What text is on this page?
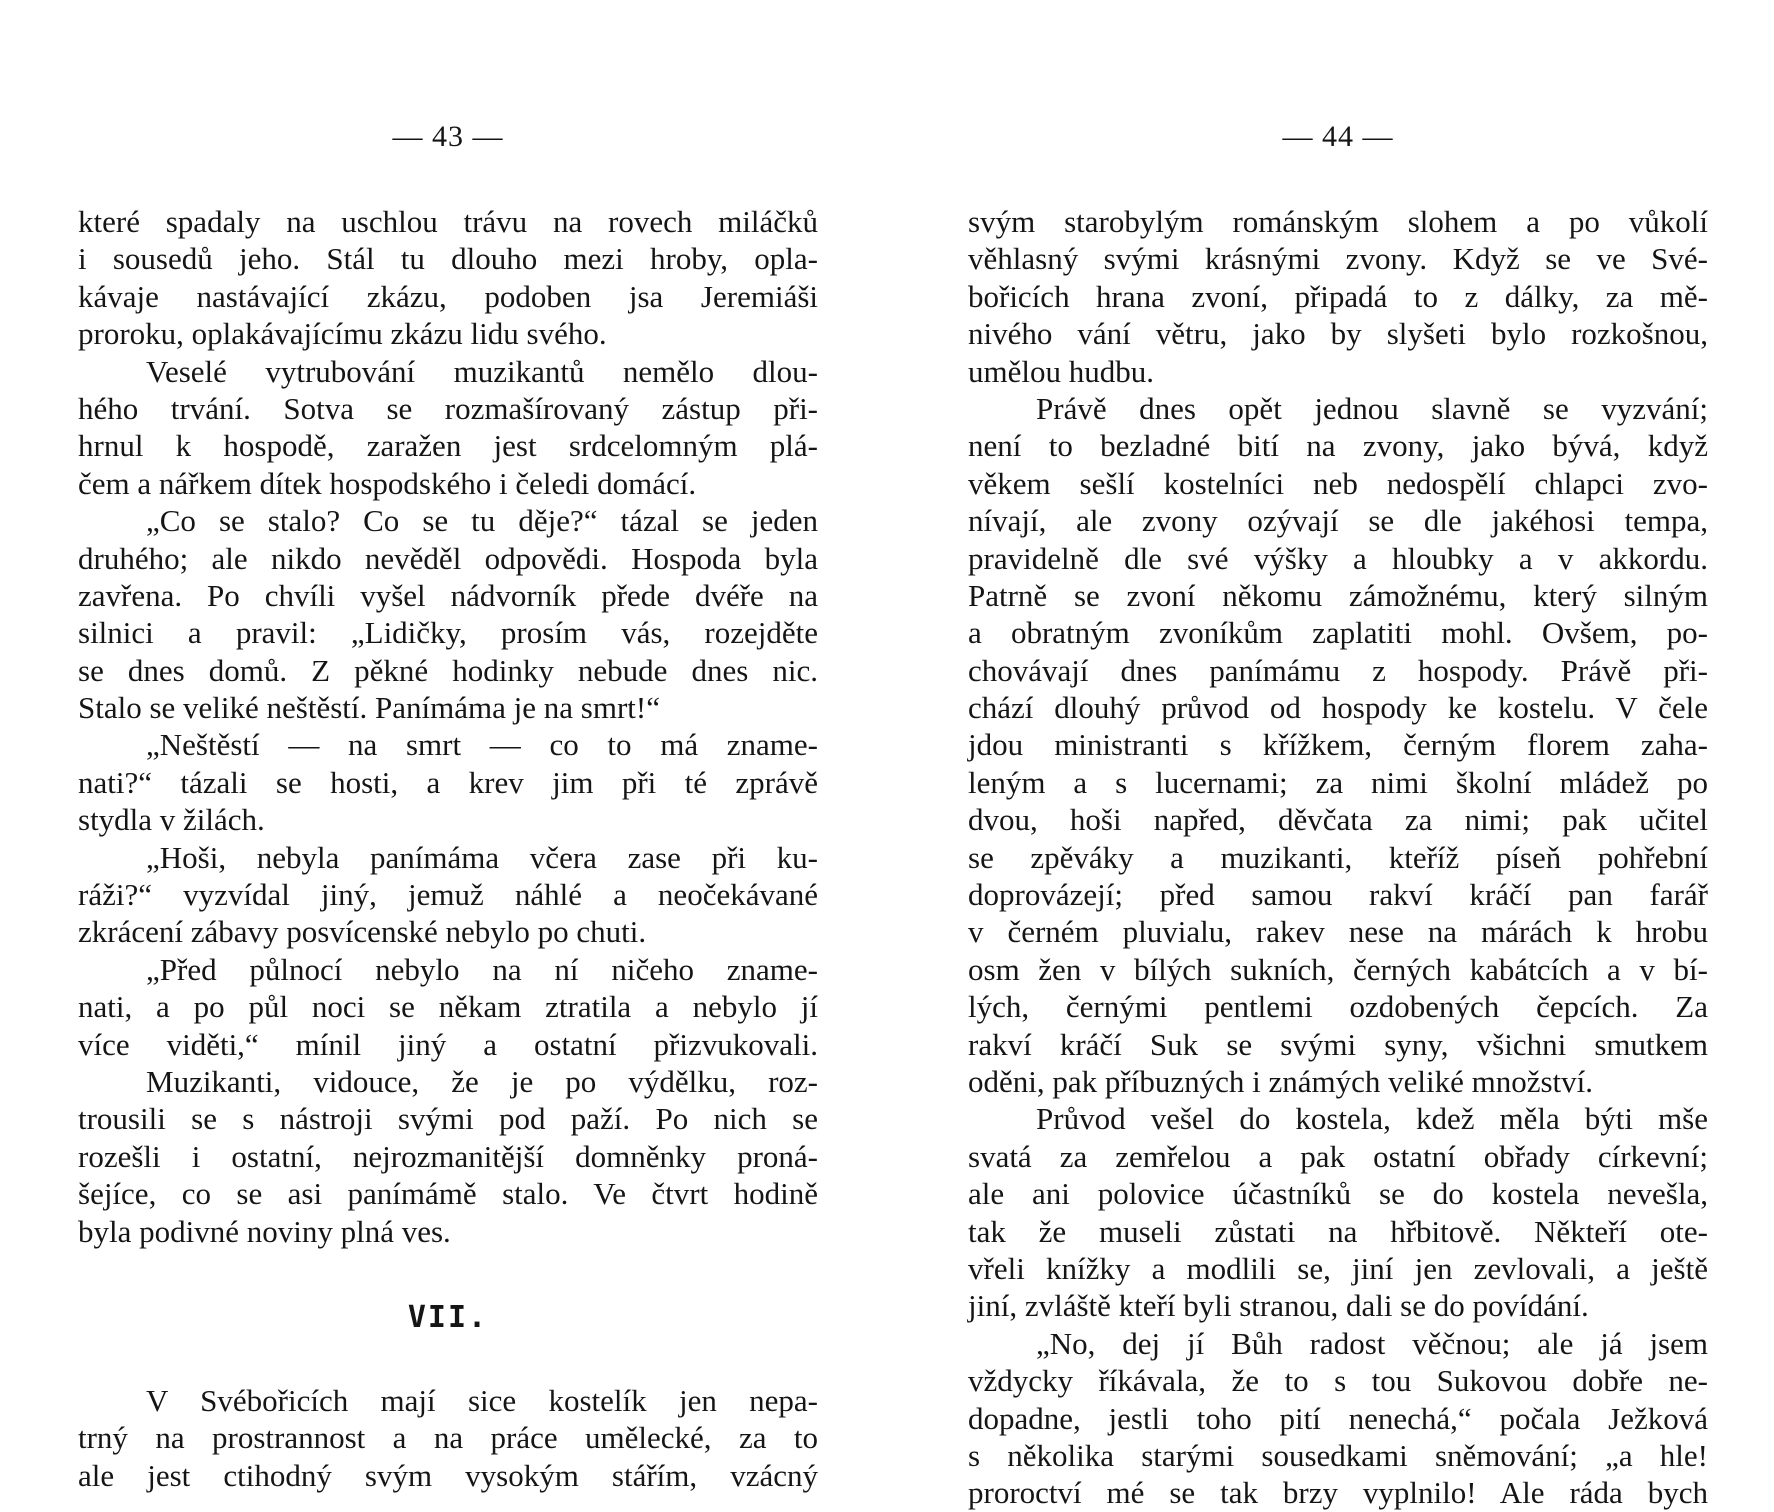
— 43 —
které spadaly na uschlou trávu na rovech miláčků
i sousedů jeho. Stál tu dlouho mezi hroby, opla-
kávaje nastávající zkázu, podoben jsa Jeremiáši
proroku, oplakávajícímu zkázu lidu svého.
Veselé vytrubování muzikantů nemělo dlou-
hého trvání. Sotva se rozmašírovaný zástup při-
hrnul k hospodě, zaražen jest srdcelomným plá-
čem a nářkem dítek hospodského i čeledi domácí.
„Co se stalo? Co se tu děje?“ tázal se jeden
druhého; ale nikdo nevěděl odpovědi. Hospoda byla
zavřena. Po chvíli vyšel nádvorník přede dvéře na
silnici a pravil: „Lidičky, prosím vás, rozejděte
se dnes domů. Z pěkné hodinky nebude dnes nic.
Stalo se veliké neštěstí. Panímáma je na smrt!“
„Neštěstí — na smrt — co to má zname-
nati?“ tázali se hosti, a krev jim při té zprávě
stydla v žilách.
„Hoši, nebyla panímáma včera zase při ku-
ráži?“ vyzvídal jiný, jemuž náhlé a neočekávané
zkrácení zábavy posvícenské nebylo po chuti.
„Před půlnocí nebylo na ní ničeho zname-
nati, a po půl noci se někam ztratila a nebylo jí
více viděti,“ mínil jiný a ostatní přizvukovali.
Muzikanti, vidouce, že je po výdělku, roz-
trousili se s nástroji svými pod paží. Po nich se
rozešli i ostatní, nejrozmanitější domněnky proná-
šejíce, co se asi panímámě stalo. Ve čtvrt hodině
byla podivné noviny plná ves.
VII.
V Svébořicích mají sice kostelík jen nepa-
trný na prostrannost a na práce umělecké, za to
ale jest ctihodný svým vysokým stářím, vzácný
— 44 —
svým starobylým románským slohem a po vůkolí
věhlasný svými krásnými zvony. Když se ve Své-
bořicích hrana zvoní, připadá to z dálky, za mě-
nivého vání větru, jako by slyšeti bylo rozkošnou,
umělou hudbu.
Právě dnes opět jednou slavně se vyzvání;
není to bezladné bití na zvony, jako bývá, když
věkem sešlí kostelníci neb nedospělí chlapci zvo-
nívají, ale zvony ozývají se dle jakéhosi tempa,
pravidelně dle své výšky a hloubky a v akkordu.
Patrně se zvoní někomu zámožnému, který silným
a obratným zvoníkům zaplatiti mohl. Ovšem, po-
chovávají dnes panímámu z hospody. Právě při-
chází dlouhý průvod od hospody ke kostelu. V čele
jdou ministranti s křížkem, černým florem zaha-
leným a s lucernami; za nimi školní mládež po
dvou, hoši napřed, děvčata za nimi; pak učitel
se zpěváky a muzikanti, kteříž píseň pohřební
doprovázejí; před samou rakví kráčí pan farář
v černém pluvialu, rakev nese na márách k hrobu
osm žen v bílých sukních, černých kabátcích a v bí-
lých, černými pentlemi ozdobených čepcích. Za
rakví kráčí Suk se svými syny, všichni smutkem
oděni, pak příbuzných i známých veliké množství.
Průvod vešel do kostela, kdež měla býti mše
svatá za zemřelou a pak ostatní obřady církevní;
ale ani polovice účastníků se do kostela nevešla,
tak že museli zůstati na hřbitově. Někteří ote-
vřeli knížky a modlili se, jiní jen zevlovali, a ještě
jiní, zvláště kteří byli stranou, dali se do povídání.
„No, dej jí Bůh radost věčnou; ale já jsem
vždycky říkávala, že to s tou Sukovou dobře ne-
dopadne, jestli toho pití nenechá,“ počala Ježková
s několika starými sousedkami sněmování; „a hle!
proroctví mé se tak brzy vyplnilo! Ale ráda bych
